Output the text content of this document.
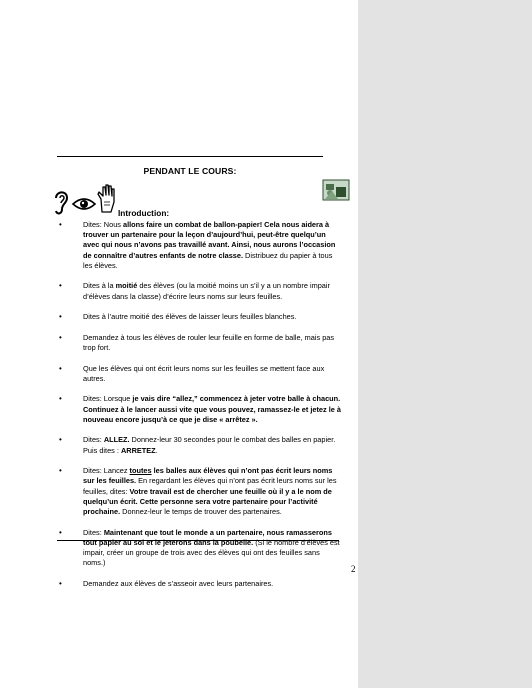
PENDANT LE COURS:
Introduction:
• Dites: Nous allons faire un combat de ballon-papier! Cela nous aidera à trouver un partenaire pour la leçon d’aujourd’hui, peut-être quelqu’un avec qui nous n’avons pas travaillé avant. Ainsi, nous aurons l’occasion de connaître d’autres enfants de notre classe. Distribuez du papier à tous les élèves.
• Dites à la moitié des élèves (ou la moitié moins un s’il y a un nombre impair d’élèves dans la classe) d’écrire leurs noms sur leurs feuilles.
• Dites à l’autre moitié des élèves de laisser leurs feuilles blanches.
• Demandez à tous les élèves de rouler leur feuille en forme de balle, mais pas trop fort.
• Que les élèves qui ont écrit leurs noms sur les feuilles se mettent face aux autres.
• Dites: Lorsque je vais dire “allez,” commencez à jeter votre balle à chacun. Continuez à le lancer aussi vite que vous pouvez, ramassez-le et jetez le à nouveau encore jusqu’à ce que je dise « arrêtez ».
• Dites: ALLEZ. Donnez-leur 30 secondes pour le combat des balles en papier. Puis dites : ARRETEZ.
• Dites: Lancez toutes les balles aux élèves qui n’ont pas écrit leurs noms sur les feuilles. En regardant les élèves qui n’ont pas écrit leurs noms sur les feuilles, dites: Votre travail est de chercher une feuille où il y a le nom de quelqu’un écrit. Cette personne sera votre partenaire pour l’activité prochaine. Donnez-leur le temps de trouver des partenaires.
• Dites: Maintenant que tout le monde a un partenaire, nous ramasserons tout papier au sol et le jeterons dans la poubelle. (Si le nombre d’élèves est impair, créer un groupe de trois avec des élèves qui ont des feuilles sans noms.)
• Demandez aux élèves de s’asseoir avec leurs partenaires.
2
